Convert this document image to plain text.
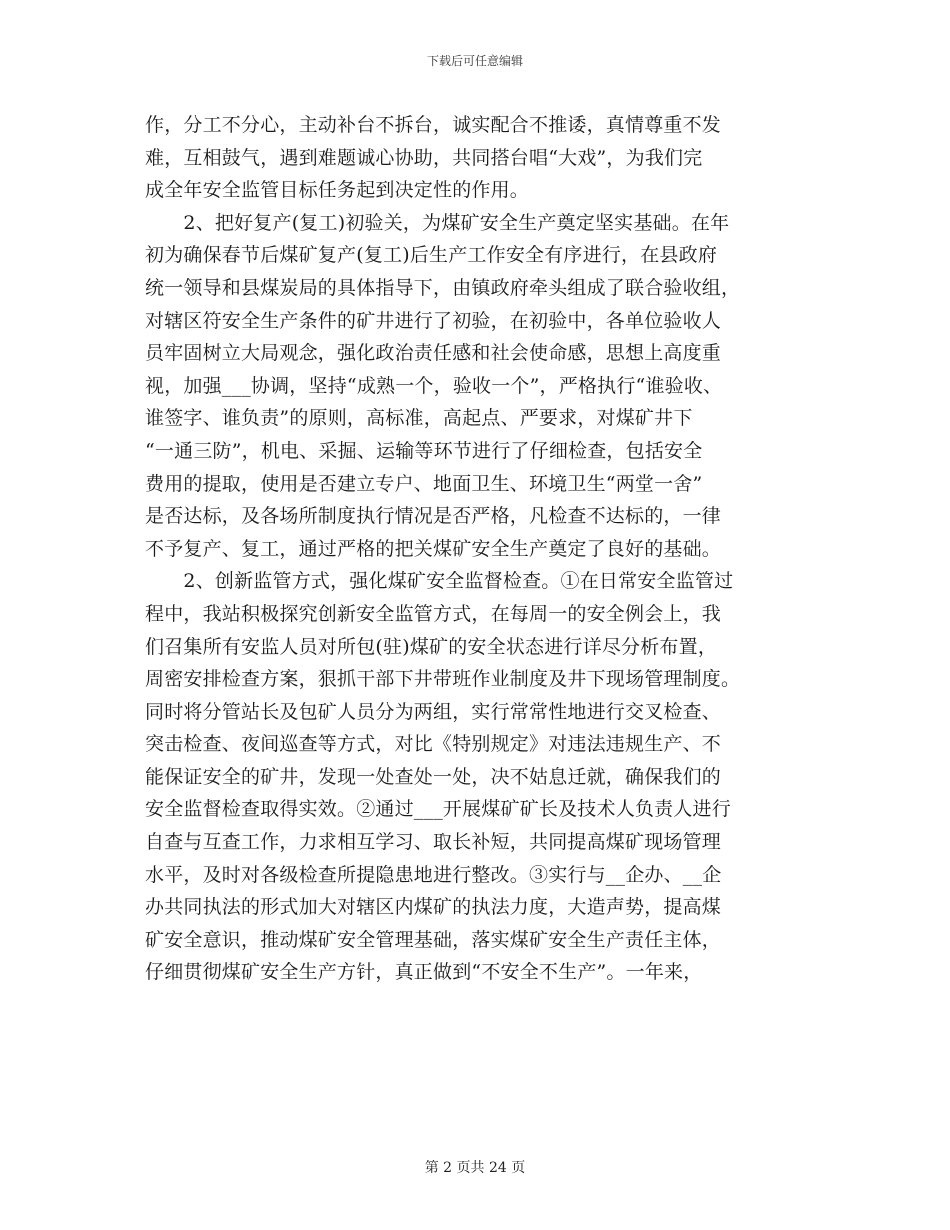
下载后可任意编辑
作，分工不分心，主动补台不拆台，诚实配合不推诿，真情尊重不发
难，互相鼓气，遇到难题诚心协助，共同搭台唱“大戏”，为我们完
成全年安全监管目标任务起到决定性的作用。
　　2、把好复产(复工)初验关，为煤矿安全生产奠定坚实基础。在年
初为确保春节后煤矿复产(复工)后生产工作安全有序进行，在县政府
统一领导和县煤炭局的具体指导下，由镇政府牵头组成了联合验收组，
对辖区符安全生产条件的矿井进行了初验，在初验中，各单位验收人
员牢固树立大局观念，强化政治责任感和社会使命感，思想上高度重
视，加强___协调，坚持“成熟一个，验收一个”，严格执行“谁验收、
谁签字、谁负责”的原则，高标准，高起点、严要求，对煤矿井下
“一通三防”，机电、采掘、运输等环节进行了仔细检查，包括安全
费用的提取，使用是否建立专户、地面卫生、环境卫生“两堂一舍”
是否达标，及各场所制度执行情况是否严格，凡检查不达标的，一律
不予复产、复工，通过严格的把关煤矿安全生产奠定了良好的基础。
　　2、创新监管方式，强化煤矿安全监督检查。①在日常安全监管过
程中，我站积极探究创新安全监管方式，在每周一的安全例会上，我
们召集所有安监人员对所包(驻)煤矿的安全状态进行详尽分析布置，
周密安排检查方案，狠抓干部下井带班作业制度及井下现场管理制度。
同时将分管站长及包矿人员分为两组，实行常常性地进行交叉检查、
突击检查、夜间巡查等方式，对比《特别规定》对违法违规生产、不
能保证安全的矿井，发现一处查处一处，决不姑息迁就，确保我们的
安全监督检查取得实效。②通过___开展煤矿矿长及技术人负责人进行
自查与互查工作，力求相互学习、取长补短，共同提高煤矿现场管理
水平，及时对各级检查所提隐患地进行整改。③实行与__企办、__企
办共同执法的形式加大对辖区内煤矿的执法力度，大造声势，提高煤
矿安全意识，推动煤矿安全管理基础，落实煤矿安全生产责任主体，
仔细贯彻煤矿安全生产方针，真正做到“不安全不生产”。一年来，
第 2 页共 24 页
